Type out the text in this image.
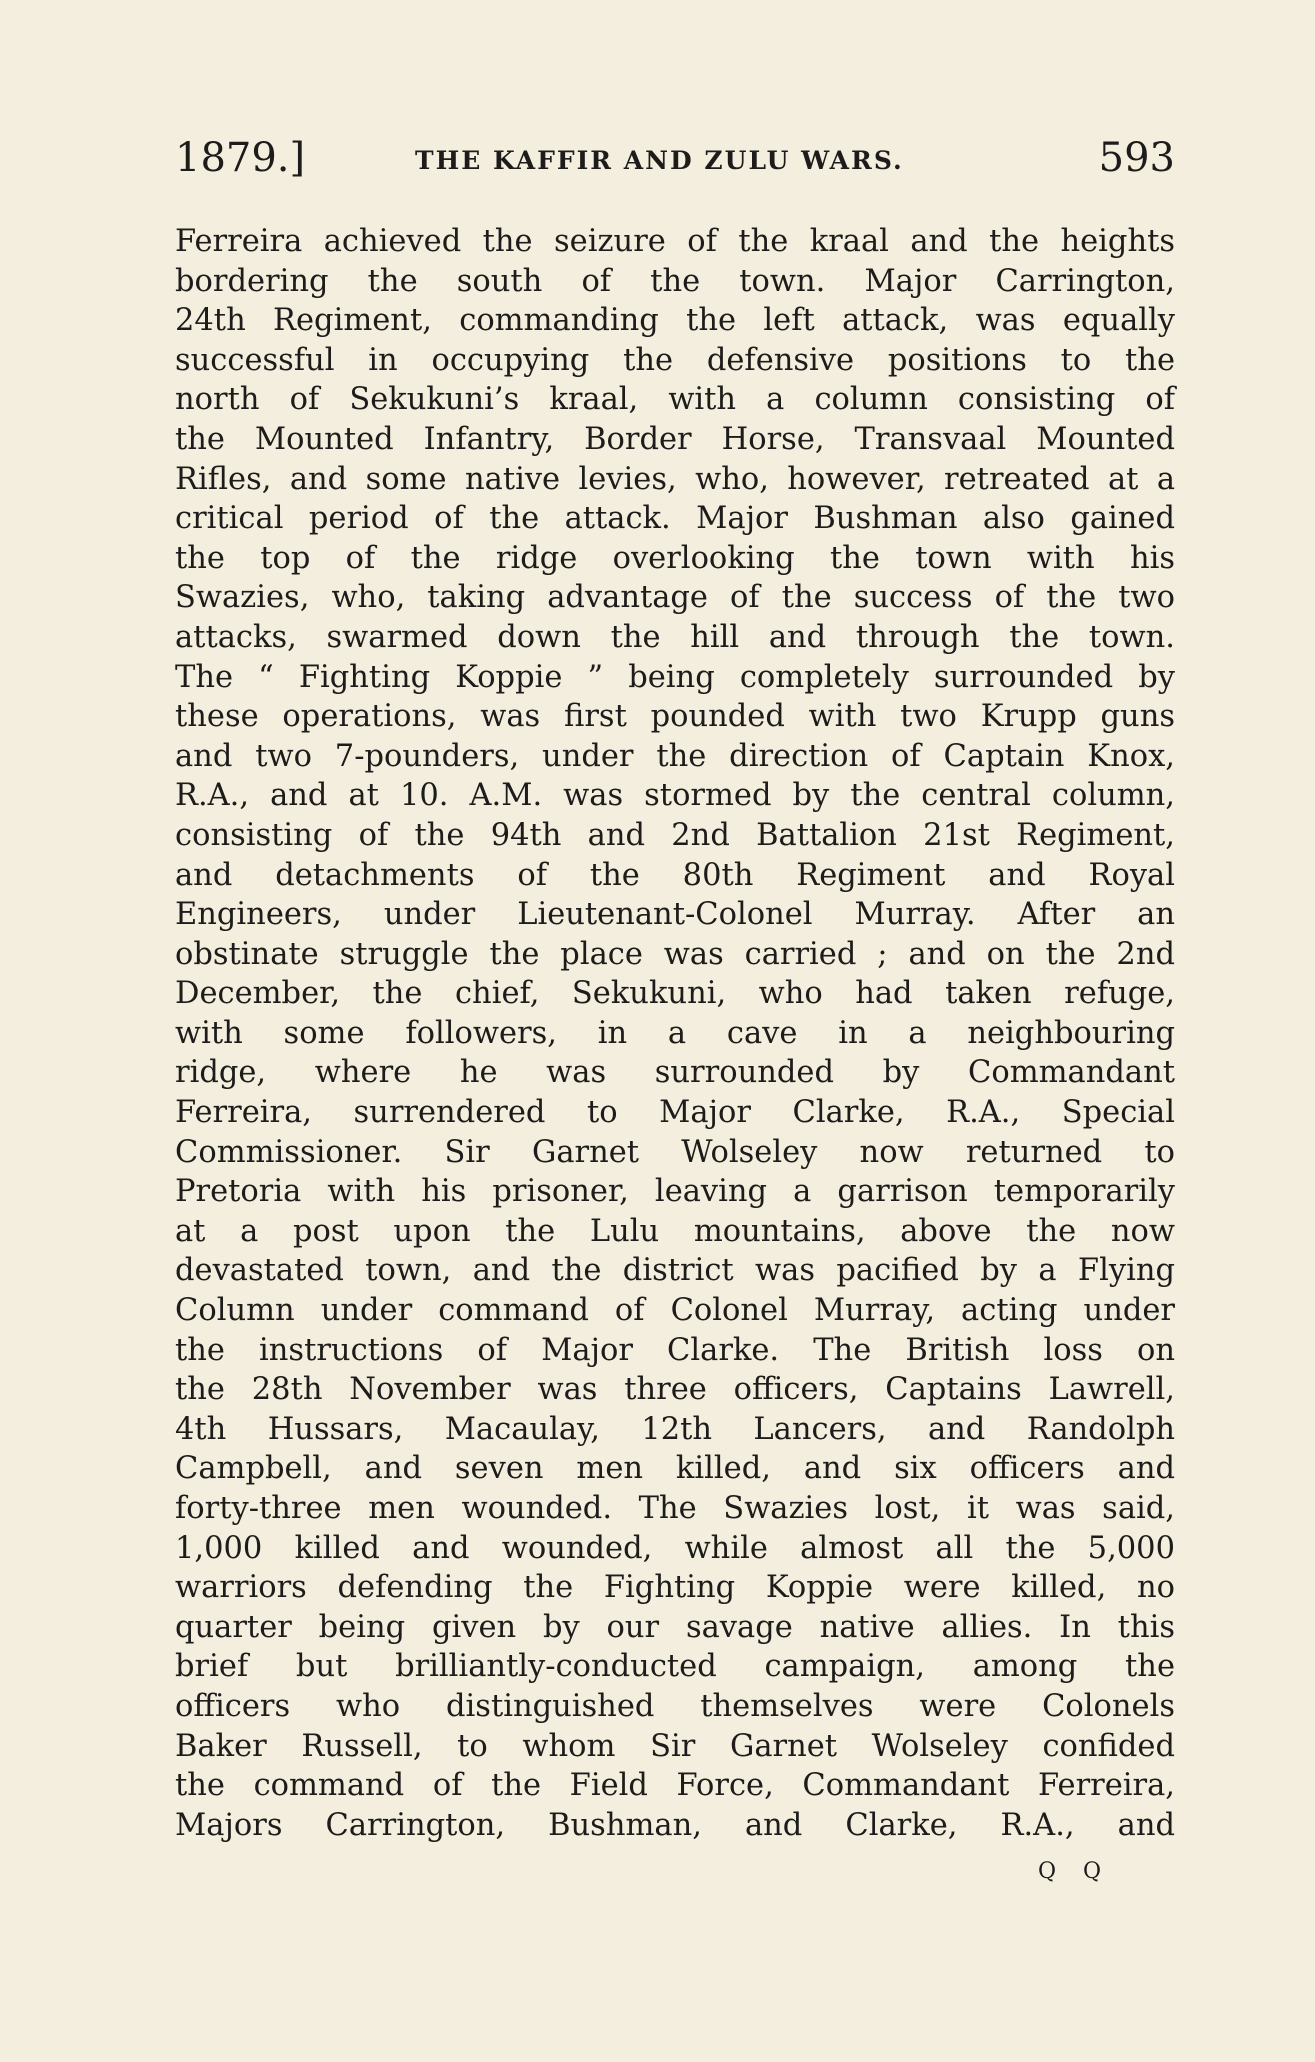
1879.]	THE KAFFIR AND ZULU WARS.	593
Ferreira achieved the seizure of the kraal and the heights
bordering the south of the town. Major Carrington,
24th Regiment, commanding the left attack, was equally
successful in occupying the defensive positions to the
north of Sekukuni’s kraal, with a column consisting of
the Mounted Infantry, Border Horse, Transvaal Mounted
Rifles, and some native levies, who, however, retreated at a
critical period of the attack. Major Bushman also gained
the top of the ridge overlooking the town with his
Swazies, who, taking advantage of the success of the two
attacks, swarmed down the hill and through the town.
The “ Fighting Koppie ” being completely surrounded by
these operations, was first pounded with two Krupp guns
and two 7-pounders, under the direction of Captain Knox,
R.A., and at 10. A.M. was stormed by the central column,
consisting of the 94th and 2nd Battalion 21st Regiment,
and detachments of the 80th Regiment and Royal
Engineers, under Lieutenant-Colonel Murray. After an
obstinate struggle the place was carried ; and on the 2nd
December, the chief, Sekukuni, who had taken refuge,
with some followers, in a cave in a neighbouring
ridge, where he was surrounded by Commandant
Ferreira, surrendered to Major Clarke, R.A., Special
Commissioner. Sir Garnet Wolseley now returned to
Pretoria with his prisoner, leaving a garrison temporarily
at a post upon the Lulu mountains, above the now
devastated town, and the district was pacified by a Flying
Column under command of Colonel Murray, acting under
the instructions of Major Clarke. The British loss on
the 28th November was three officers, Captains Lawrell,
4th Hussars, Macaulay, 12th Lancers, and Randolph
Campbell, and seven men killed, and six officers and
forty-three men wounded. The Swazies lost, it was said,
1,000 killed and wounded, while almost all the 5,000
warriors defending the Fighting Koppie were killed, no
quarter being given by our savage native allies. In this
brief but brilliantly-conducted campaign, among the
officers who distinguished themselves were Colonels
Baker Russell, to whom Sir Garnet Wolseley confided
the command of the Field Force, Commandant Ferreira,
Majors Carrington, Bushman, and Clarke, R.A., and
Q Q
